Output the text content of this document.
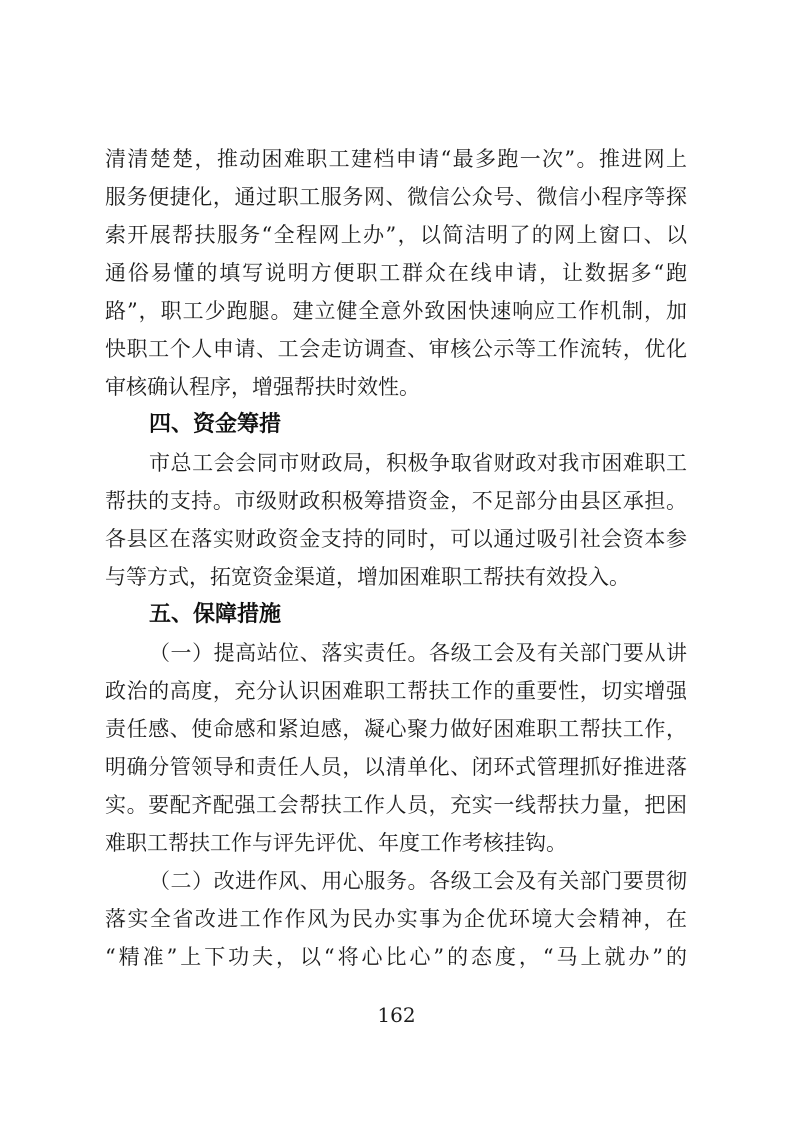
清清楚楚，推动困难职工建档申请“最多跑一次”。推进网上
服务便捷化，通过职工服务网、微信公众号、微信小程序等探
索开展帮扶服务“全程网上办”，以简洁明了的网上窗口、以
通俗易懂的填写说明方便职工群众在线申请，让数据多“跑
路”，职工少跑腿。建立健全意外致困快速响应工作机制，加
快职工个人申请、工会走访调查、审核公示等工作流转，优化
审核确认程序，增强帮扶时效性。
四、资金筹措
市总工会会同市财政局，积极争取省财政对我市困难职工
帮扶的支持。市级财政积极筹措资金，不足部分由县区承担。
各县区在落实财政资金支持的同时，可以通过吸引社会资本参
与等方式，拓宽资金渠道，增加困难职工帮扶有效投入。
五、保障措施
（一）提高站位、落实责任。各级工会及有关部门要从讲
政治的高度，充分认识困难职工帮扶工作的重要性，切实增强
责任感、使命感和紧迫感，凝心聚力做好困难职工帮扶工作，
明确分管领导和责任人员，以清单化、闭环式管理抓好推进落
实。要配齐配强工会帮扶工作人员，充实一线帮扶力量，把困
难职工帮扶工作与评先评优、年度工作考核挂钩。
（二）改进作风、用心服务。各级工会及有关部门要贯彻
落实全省改进工作作风为民办实事为企优环境大会精神，在
“精准”上下功夫，以“将心比心”的态度，“马上就办”的
162
